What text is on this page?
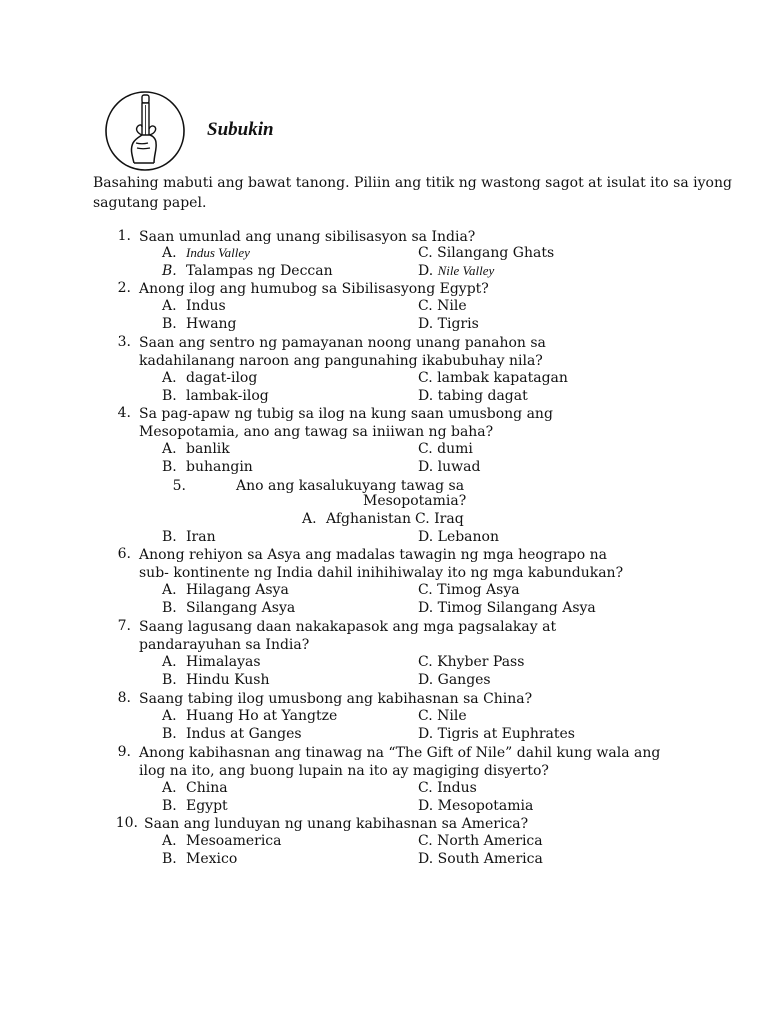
Subukin
Basahing mabuti ang bawat tanong. Piliin ang titik ng wastong sagot at isulat ito sa iyong sagutang papel.
1. Saan umunlad ang unang sibilisasyon sa India?
A. Indus Valley	C. Silangang Ghats
B. Talampas ng Deccan	D. Nile Valley
2. Anong ilog ang humubog sa Sibilisasyong Egypt?
A. Indus	C. Nile
B. Hwang	D. Tigris
3. Saan ang sentro ng pamayanan noong unang panahon sa
kadahilanang naroon ang pangunahing ikabubuhay nila?
A. dagat-ilog	C. lambak kapatagan
B. lambak-ilog	D. tabing dagat
4. Sa pag-apaw ng tubig sa ilog na kung saan umusbong ang
Mesopotamia, ano ang tawag sa iniiwan ng baha?
A. banlik	C. dumi
B. buhangin	D. luwad
5.	Ano ang kasalukuyang tawag sa
Mesopotamia?
A. Afghanistan C. Iraq
B. Iran	D. Lebanon
6. Anong rehiyon sa Asya ang madalas tawagin ng mga heograpo na
sub- kontinente ng India dahil inihihiwalay ito ng mga kabundukan?
A. Hilagang Asya	C. Timog Asya
B. Silangang Asya	D. Timog Silangang Asya
7. Saang lagusang daan nakakapasok ang mga pagsalakay at
pandarayuhan sa India?
A. Himalayas	C. Khyber Pass
B. Hindu Kush	D. Ganges
8. Saang tabing ilog umusbong ang kabihasnan sa China?
A. Huang Ho at Yangtze	C. Nile
B. Indus at Ganges	D. Tigris at Euphrates
9. Anong kabihasnan ang tinawag na “The Gift of Nile” dahil kung wala ang
ilog na ito, ang buong lupain na ito ay magiging disyerto?
A. China	C. Indus
B. Egypt	D. Mesopotamia
10. Saan ang lunduyan ng unang kabihasnan sa America?
A. Mesoamerica	C. North America
B. Mexico	D. South America
